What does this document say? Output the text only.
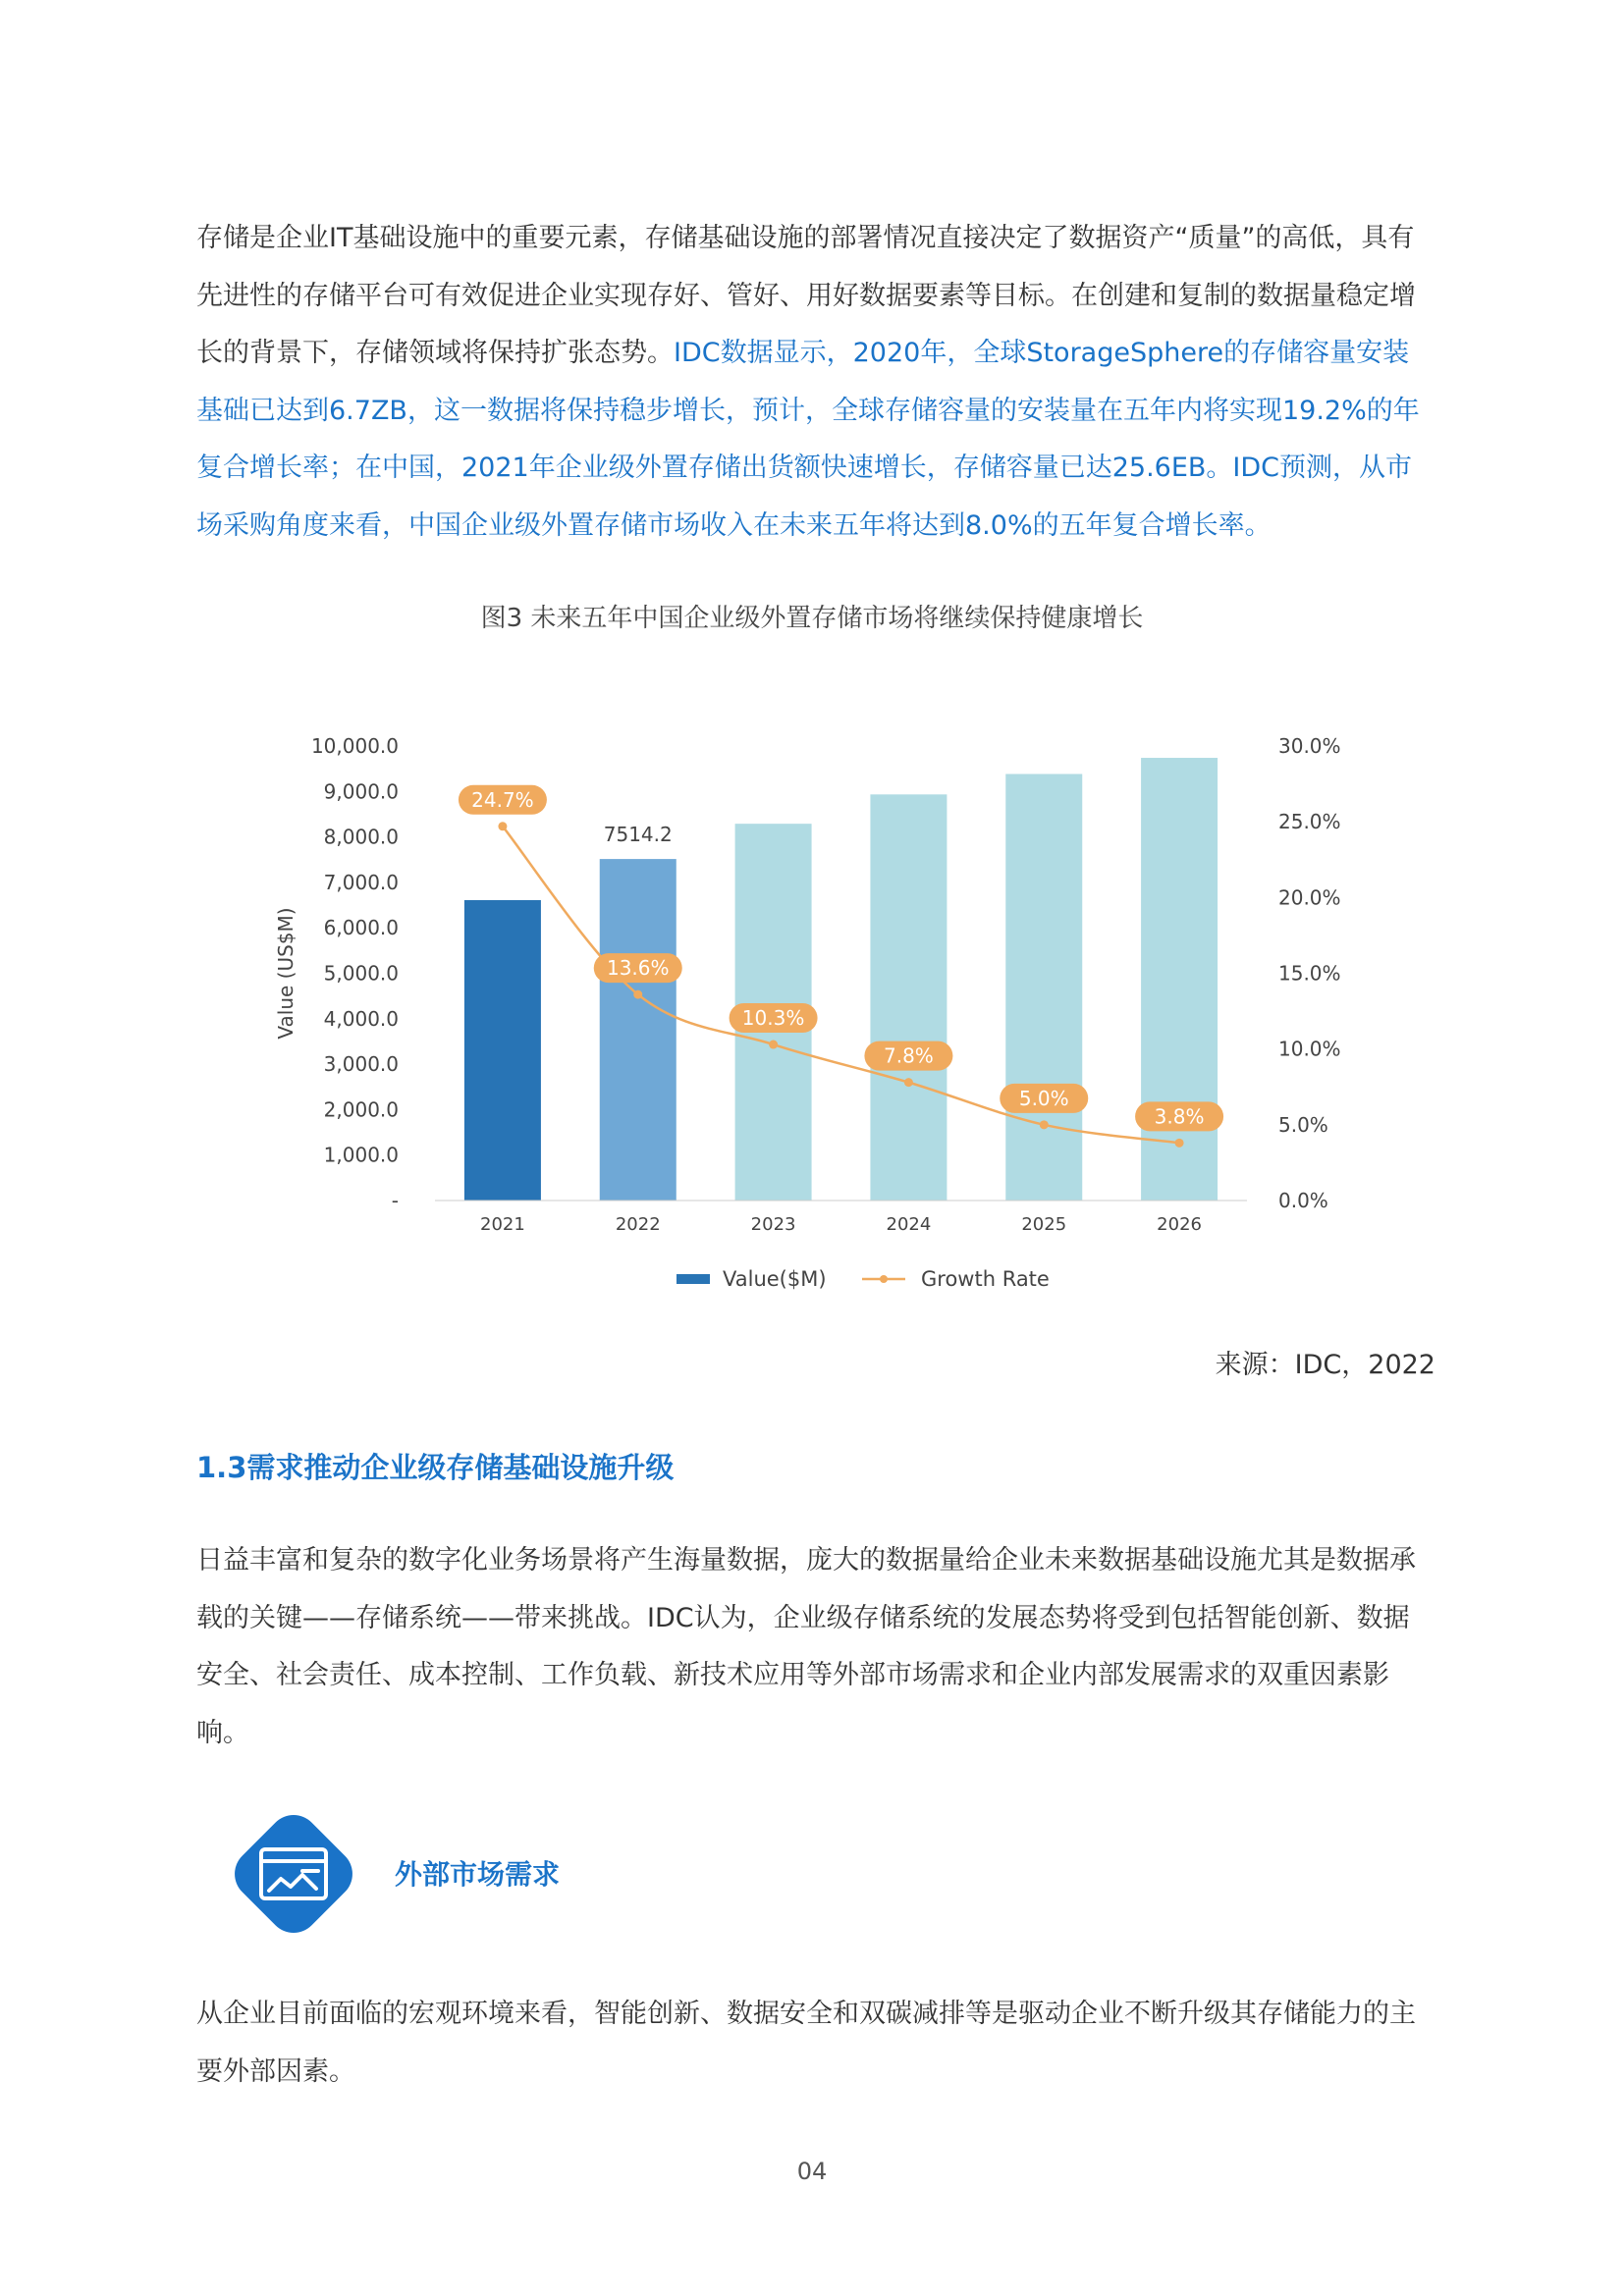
存储是企业IT基础设施中的重要元素，存储基础设施的部署情况直接决定了数据资产“质量”的高低，具有先进性的存储平台可有效促进企业实现存好、管好、用好数据要素等目标。在创建和复制的数据量稳定增长的背景下，存储领域将保持扩张态势。IDC数据显示，2020年，全球StorageSphere的存储容量安装基础已达到6.7ZB，这一数据将保持稳步增长，预计，全球存储容量的安装量在五年内将实现19.2%的年复合增长率；在中国，2021年企业级外置存储出货额快速增长，存储容量已达25.6EB。IDC预测，从市场采购角度来看，中国企业级外置存储市场收入在未来五年将达到8.0%的五年复合增长率。

图3 未来五年中国企业级外置存储市场将继续保持健康增长

7514.2
24.7%
13.6%
10.3%
7.8%
5.0%
3.8%
-
1,000.0
2,000.0
3,000.0
4,000.0
5,000.0
6,000.0
7,000.0
8,000.0
9,000.0
10,000.0
0.0%
5.0%
10.0%
15.0%
20.0%
25.0%
30.0%
2021	2022	2023	2024	2025	2026
Value (US$M)
Value($M)	Growth Rate

来源：IDC，2022

1.3需求推动企业级存储基础设施升级

日益丰富和复杂的数字化业务场景将产生海量数据，庞大的数据量给企业未来数据基础设施尤其是数据承载的关键——存储系统——带来挑战。IDC认为，企业级存储系统的发展态势将受到包括智能创新、数据安全、社会责任、成本控制、工作负载、新技术应用等外部市场需求和企业内部发展需求的双重因素影响。

外部市场需求

从企业目前面临的宏观环境来看，智能创新、数据安全和双碳减排等是驱动企业不断升级其存储能力的主要外部因素。

04
